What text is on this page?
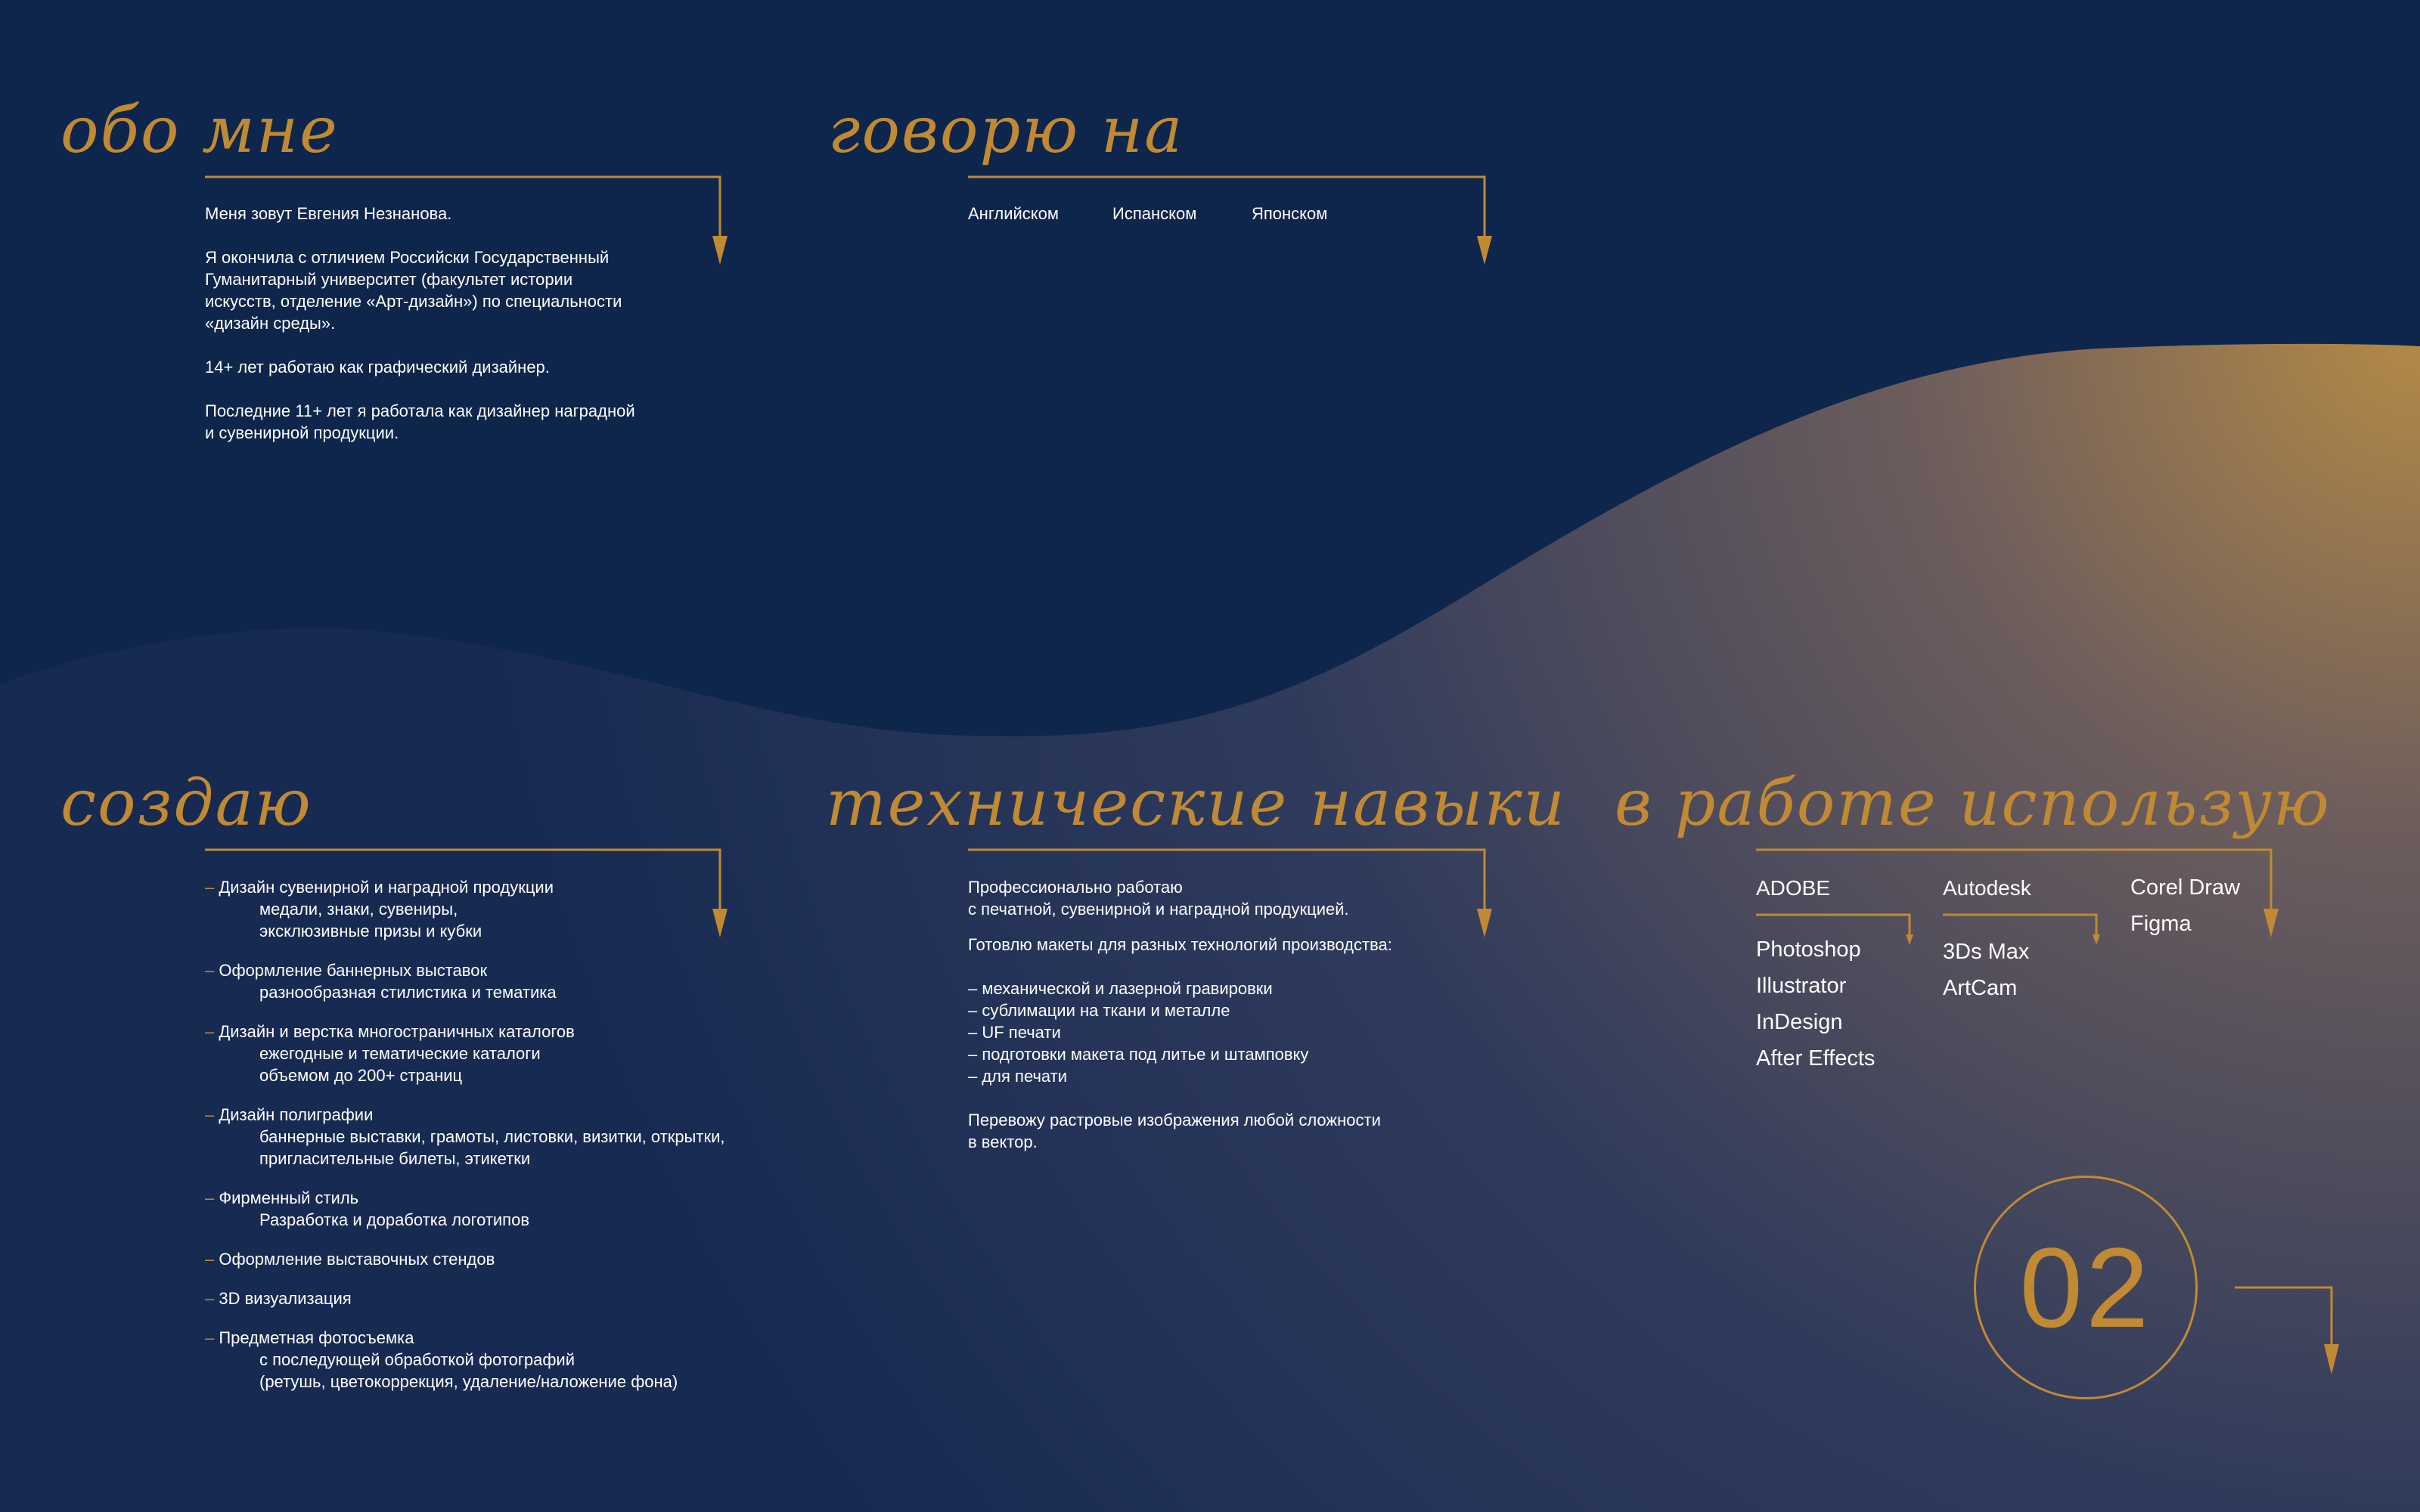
обо мне

Меня зовут Евгения Незнанова.

Я окончила с отличием Российски Государственный

Гуманитарный университет (факультет истории

искусств, отделение «Арт-дизайн») по специальности

«дизайн среды».

14+ лет работаю как графический дизайнер.

Последние 11+ лет я работала как дизайнер наградной

и сувенирной продукции.

говорю на
Английском	Испанском	Японском
создаю
– Дизайн сувенирной и наградной продукции
медали, знаки, сувениры,
эксклюзивные призы и кубки
– Оформление баннерных выставок
разнообразная стилистика и тематика
– Дизайн и верстка многостраничных каталогов
ежегодные и тематические каталоги
объемом до 200+ страниц
– Дизайн полиграфии
баннерные выставки, грамоты, листовки, визитки, открытки,
пригласительные билеты, этикетки
– Фирменный стиль
Разработка и доработка логотипов
– Оформление выставочных стендов
– 3D визуализация
– Предметная фотосъемка
с последующей обработкой фотографий
(ретушь, цветокоррекция, удаление/наложение фона)
технические навыки

Профессионально работаю

с печатной, сувенирной и наградной продукцией.

Готовлю макеты для разных технологий производства:

– механической и лазерной гравировки

– сублимации на ткани и металле

– UF печати

– подготовки макета под литье и штамповку

– для печати

Перевожу растровые изображения любой сложности

в вектор.

в работе использую
ADOBE	Autodesk
Photoshop
Illustrator
InDesign
After Effects
3Ds Max
ArtCam
Corel Draw
Figma
02
